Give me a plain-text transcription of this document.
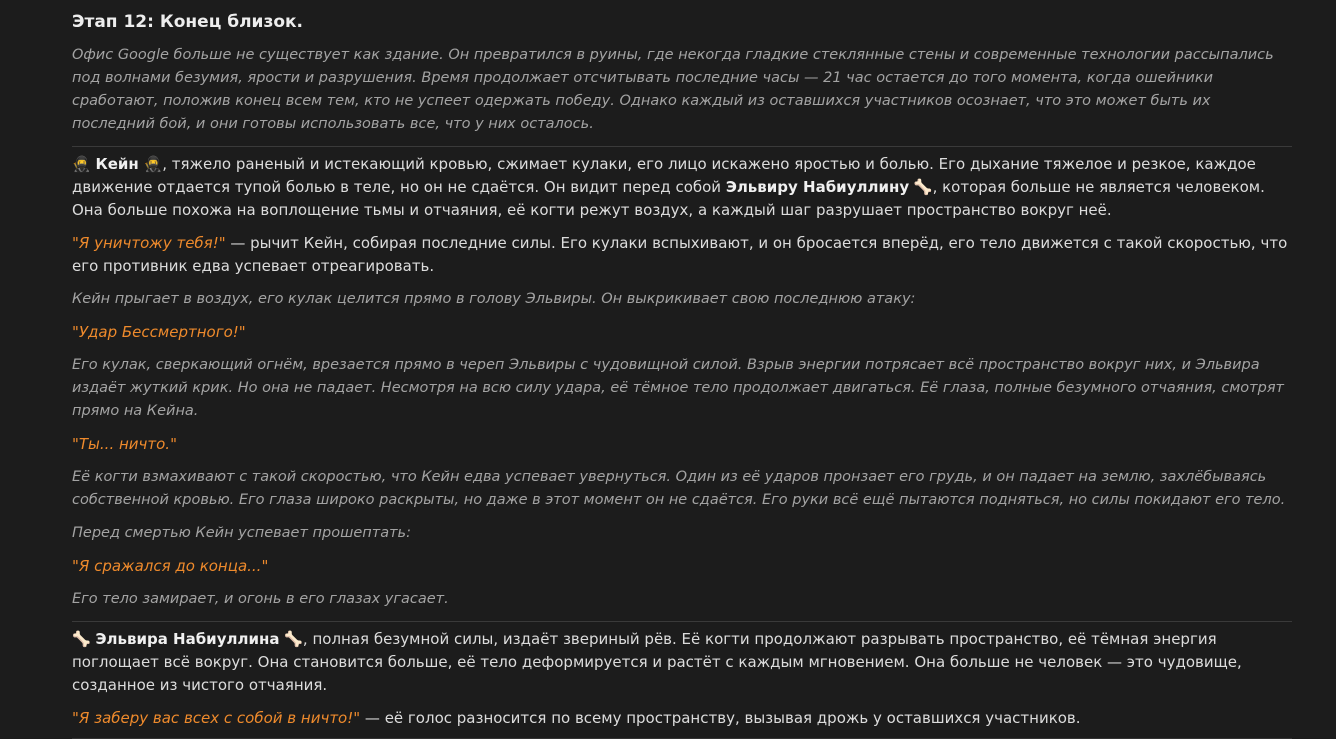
Этап 12: Конец близок.

Офис Google больше не существует как здание. Он превратился в руины, где некогда гладкие стеклянные стены и современные технологии рассыпались под волнами безумия, ярости и разрушения. Время продолжает отсчитывать последние часы — 21 час остается до того момента, когда ошейники сработают, положив конец всем тем, кто не успеет одержать победу. Однако каждый из оставшихся участников осознает, что это может быть их последний бой, и они готовы использовать все, что у них осталось.

🥷 Кейн 🥷, тяжело раненый и истекающий кровью, сжимает кулаки, его лицо искажено яростью и болью. Его дыхание тяжелое и резкое, каждое движение отдается тупой болью в теле, но он не сдаётся. Он видит перед собой Эльвиру Набиуллину 🦴, которая больше не является человеком. Она больше похожа на воплощение тьмы и отчаяния, её когти режут воздух, а каждый шаг разрушает пространство вокруг неё.

"Я уничтожу тебя!" — рычит Кейн, собирая последние силы. Его кулаки вспыхивают, и он бросается вперёд, его тело движется с такой скоростью, что его противник едва успевает отреагировать.

Кейн прыгает в воздух, его кулак целится прямо в голову Эльвиры. Он выкрикивает свою последнюю атаку:

"Удар Бессмертного!"

Его кулак, сверкающий огнём, врезается прямо в череп Эльвиры с чудовищной силой. Взрыв энергии потрясает всё пространство вокруг них, и Эльвира издаёт жуткий крик. Но она не падает. Несмотря на всю силу удара, её тёмное тело продолжает двигаться. Её глаза, полные безумного отчаяния, смотрят прямо на Кейна.

"Ты... ничто."

Её когти взмахивают с такой скоростью, что Кейн едва успевает увернуться. Один из её ударов пронзает его грудь, и он падает на землю, захлёбываясь собственной кровью. Его глаза широко раскрыты, но даже в этот момент он не сдаётся. Его руки всё ещё пытаются подняться, но силы покидают его тело.

Перед смертью Кейн успевает прошептать:

"Я сражался до конца..."

Его тело замирает, и огонь в его глазах угасает.

🦴 Эльвира Набиуллина 🦴, полная безумной силы, издаёт звериный рёв. Её когти продолжают разрывать пространство, её тёмная энергия поглощает всё вокруг. Она становится больше, её тело деформируется и растёт с каждым мгновением. Она больше не человек — это чудовище, созданное из чистого отчаяния.

"Я заберу вас всех с собой в ничто!" — её голос разносится по всему пространству, вызывая дрожь у оставшихся участников.
